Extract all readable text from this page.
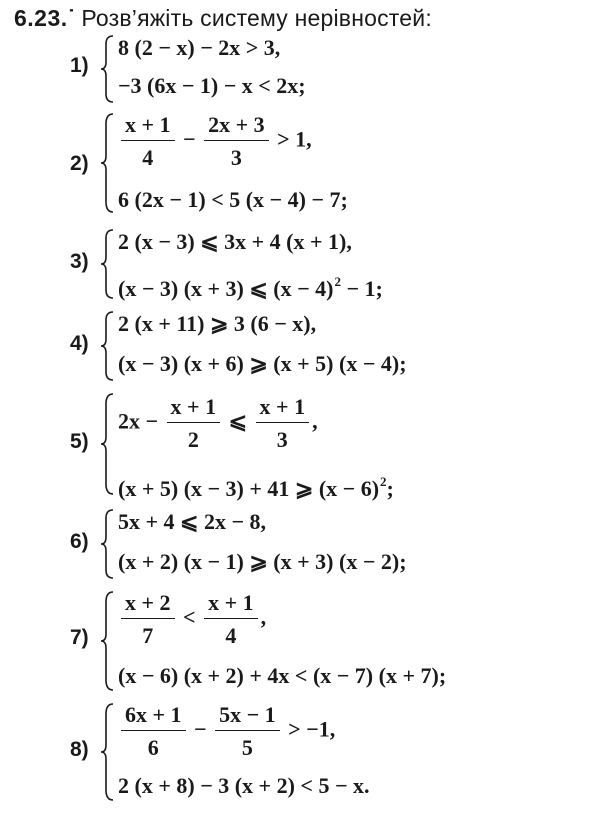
6.23.˙ Розв’яжіть систему нерівностей:
1)
8 (2 − x) − 2x > 3,
−3 (6x − 1) − x < 2x;
2)	$\frac{x + 1}{4} - \frac{2x + 3}{3} > 1$,
6 (2x − 1) < 5 (x − 4) − 7;
3)
2 (x − 3) ⩽ 3x + 4 (x + 1),
(x − 3) (x + 3) ⩽ $(x - 4)^2 - 1$;
4)
2 (x + 11) ⩾ 3 (6 − x),
(x − 3) (x + 6) ⩾ (x + 5) (x − 4);
5)
$2x - \frac{x + 1}{2}$ ⩽ $\frac{x + 1}{3}$ ,
(x + 5) (x − 3) + 41 ⩾ $(x - 6)^2$;
6)
5x + 4 ⩽ 2x − 8,
(x + 2) (x − 1) ⩾ (x + 3) (x − 2);
7)	$\frac{x + 2}{7} < \frac{x + 1}{4}$ ,
(x − 6) (x + 2) + 4x < (x − 7) (x + 7);
8)	$\frac{6x + 1}{6} - \frac{5x - 1}{5} > -1$,
2 (x + 8) − 3 (x + 2) < 5 − x.
